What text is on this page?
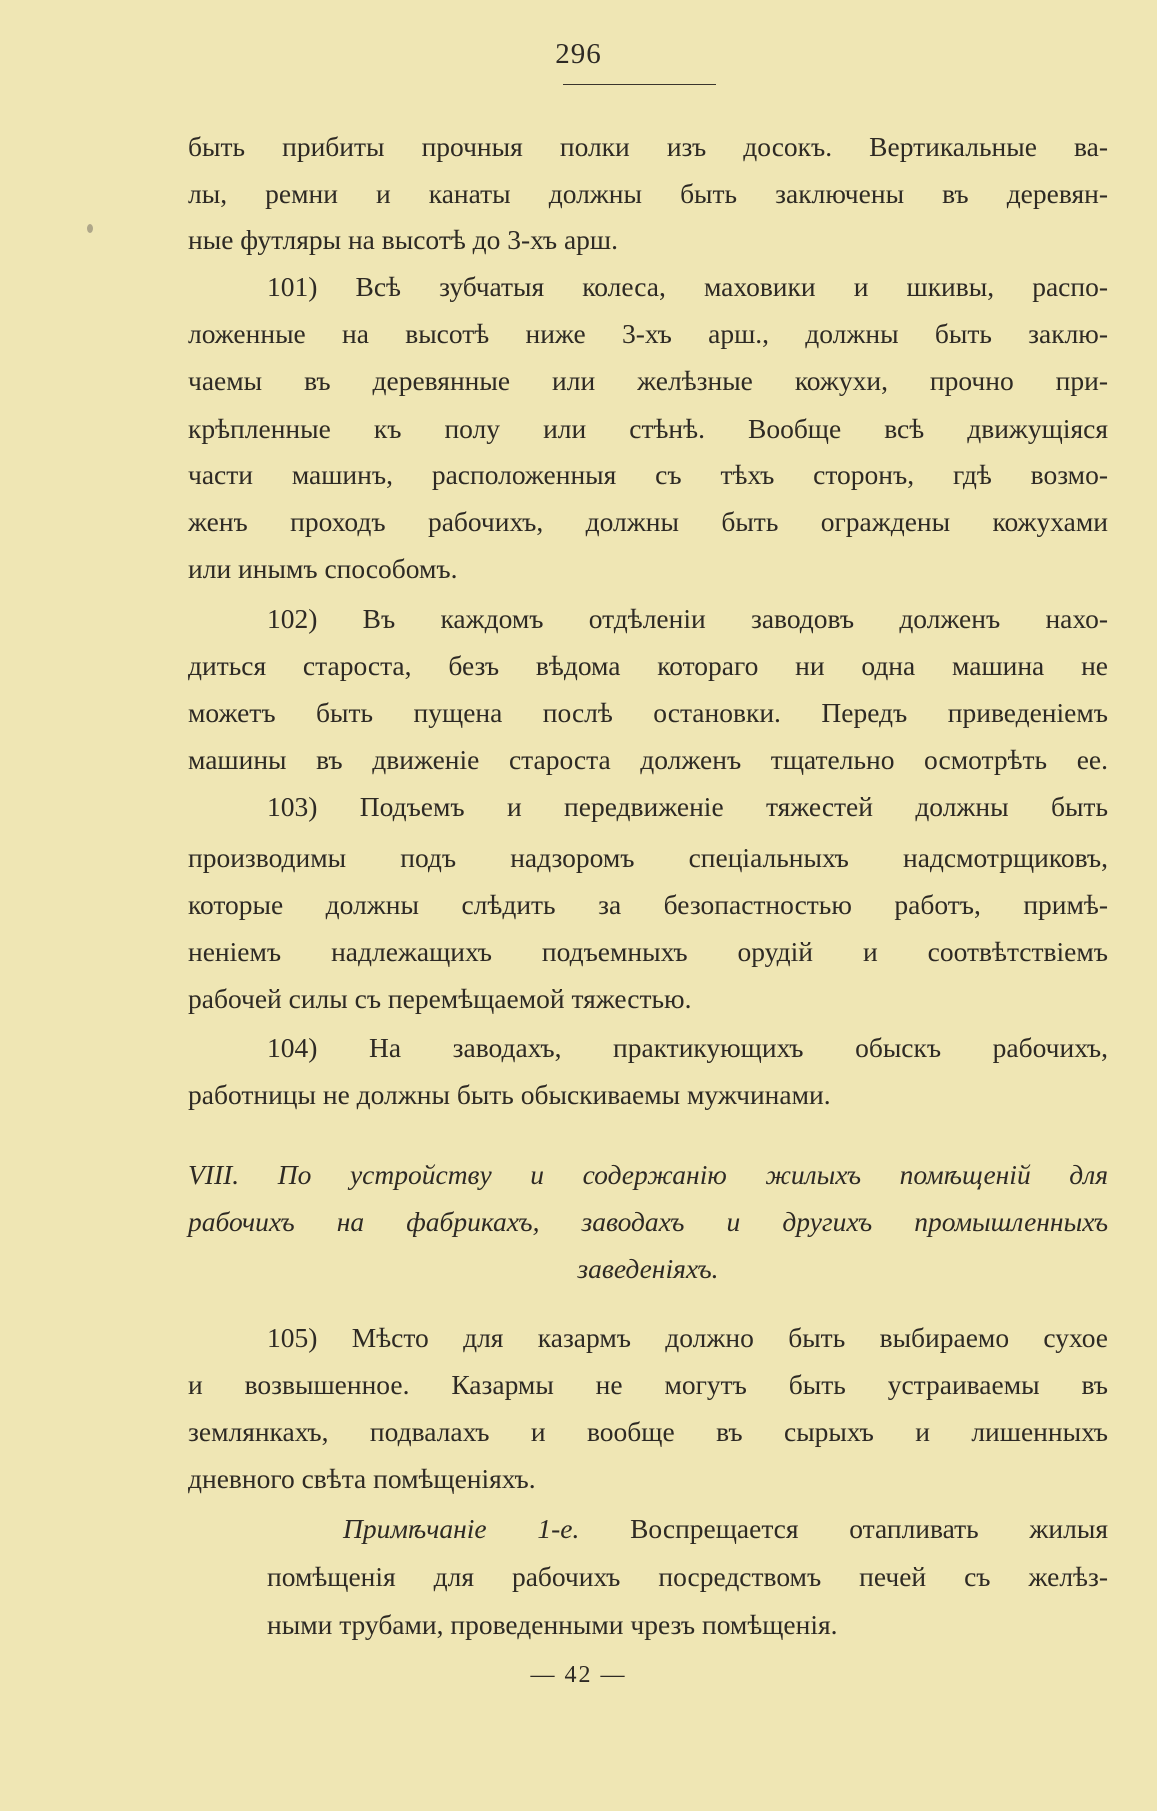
296
быть прибиты прочныя полки изъ досокъ. Вертикальные ва-
лы, ремни и канаты должны быть заключены въ деревян-
ные футляры на высотѣ до 3-хъ арш.
101) Всѣ зубчатыя колеса, маховики и шкивы, распо-
ложенные на высотѣ ниже 3-хъ арш., должны быть заклю-
чаемы въ деревянные или желѣзные кожухи, прочно при-
крѣпленные къ полу или стѣнѣ. Вообще всѣ движущіяся
части машинъ, расположенныя съ тѣхъ сторонъ, гдѣ возмо-
женъ проходъ рабочихъ, должны быть ограждены кожухами
или инымъ способомъ.
102) Въ каждомъ отдѣленіи заводовъ долженъ нахо-
диться староста, безъ вѣдома котораго ни одна машина не
можетъ быть пущена послѣ остановки. Передъ приведеніемъ
машины въ движеніе староста долженъ тщательно осмотрѣть ее.
103) Подъемъ и передвиженіе тяжестей должны быть
производимы подъ надзоромъ спеціальныхъ надсмотрщиковъ,
которые должны слѣдить за безопастностью работъ, примѣ-
неніемъ надлежащихъ подъемныхъ орудій и соотвѣтствіемъ
рабочей силы съ перемѣщаемой тяжестью.
104) На заводахъ, практикующихъ обыскъ рабочихъ,
работницы не должны быть обыскиваемы мужчинами.
VIII. По устройству и содержанію жилыхъ помѣщеній для
рабочихъ на фабрикахъ, заводахъ и другихъ промышленныхъ
заведеніяхъ.
105) Мѣсто для казармъ должно быть выбираемо сухое
и возвышенное. Казармы не могутъ быть устраиваемы въ
землянкахъ, подвалахъ и вообще въ сырыхъ и лишенныхъ
дневного свѣта помѣщеніяхъ.
Примѣчаніе 1-е. Воспрещается отапливать жилыя
помѣщенія для рабочихъ посредствомъ печей съ желѣз-
ными трубами, проведенными чрезъ помѣщенія.
— 42 —
